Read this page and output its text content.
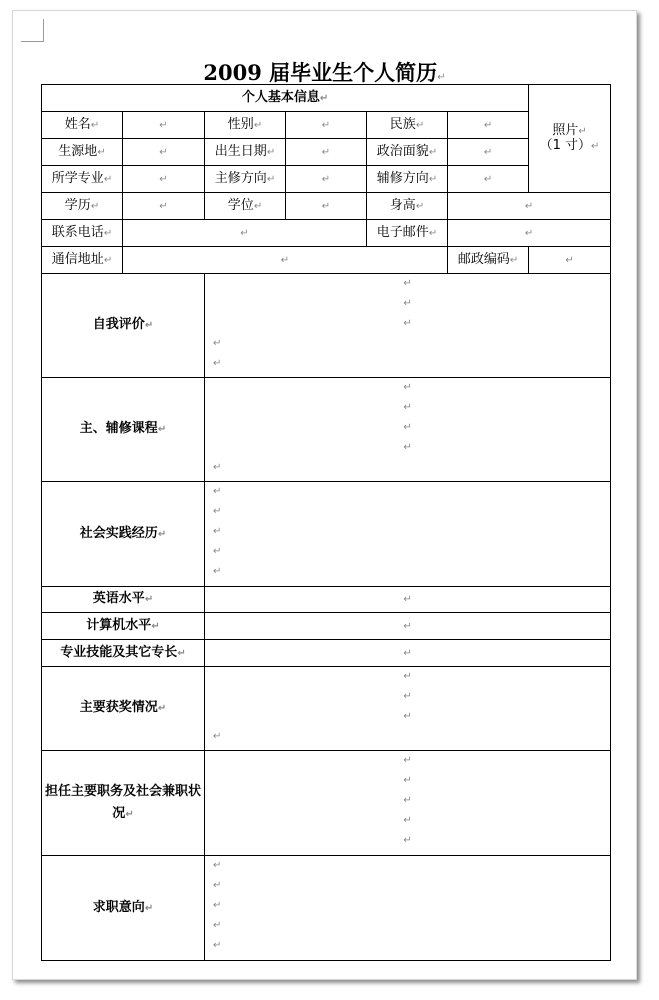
2009 届毕业生个人简历↵
个人基本信息↵						照片↵
（1 寸）↵

姓名↵	↵	性别↵	↵	民族↵	↵	
生源地↵	↵	出生日期↵	↵	政治面貌↵	↵	
所学专业↵	↵	主修方向↵	↵	辅修方向↵	↵	
学历↵	↵	学位↵	↵	身高↵	↵	
联系电话↵	↵			电子邮件↵	↵	
通信地址↵	↵				邮政编码↵	↵
自我评价↵		↵
↵
↵
↵
↵				

主、辅修课程↵		↵
↵
↵
↵
↵				

社会实践经历↵		↵
↵
↵
↵
↵				

英语水平↵		↵				
计算机水平↵		↵				
专业技能及其它专长↵		↵				
主要获奖情况↵		↵
↵
↵
↵				

担任主要职务及社会兼职状况↵		↵
↵
↵
↵
↵				

求职意向↵		↵
↵
↵
↵
↵				
